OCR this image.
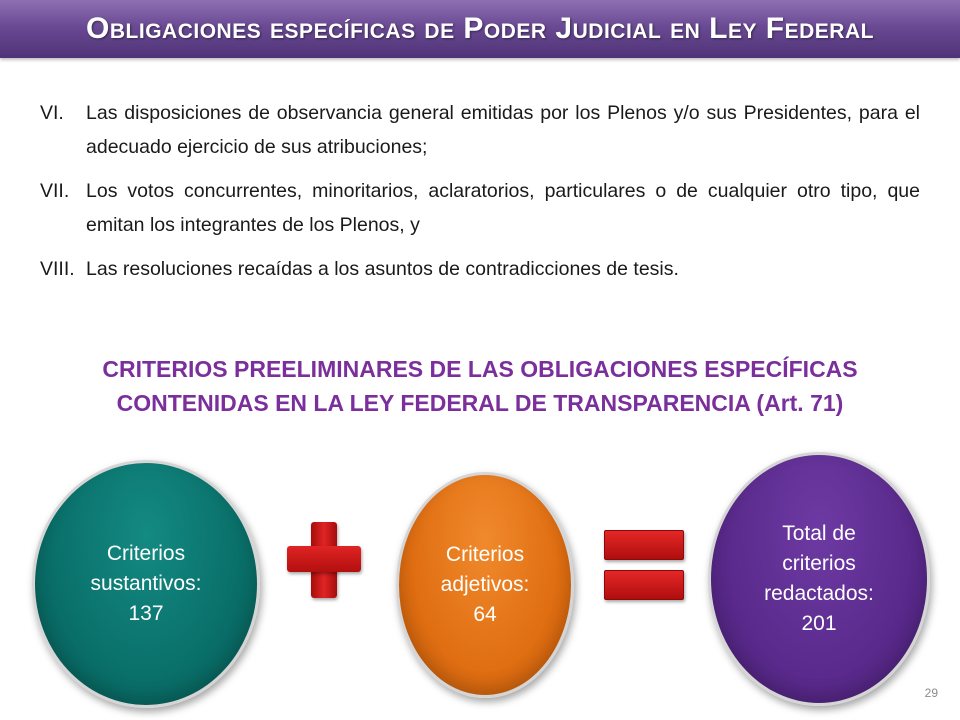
Obligaciones específicas de Poder Judicial en Ley Federal
VI.	Las disposiciones de observancia general emitidas por los Plenos y/o sus Presidentes, para el adecuado ejercicio de sus atribuciones;
VII. Los votos concurrentes, minoritarios, aclaratorios, particulares o de cualquier otro tipo, que emitan los integrantes de los Plenos, y
VIII. Las resoluciones recaídas a los asuntos de contradicciones de tesis.
CRITERIOS PREELIMINARES DE LAS OBLIGACIONES ESPECÍFICAS
CONTENIDAS EN LA LEY FEDERAL DE TRANSPARENCIA (Art. 71)
Criterios
sustantivos:
137
Criterios
adjetivos:
64
Total de
criterios
redactados:
201
29
